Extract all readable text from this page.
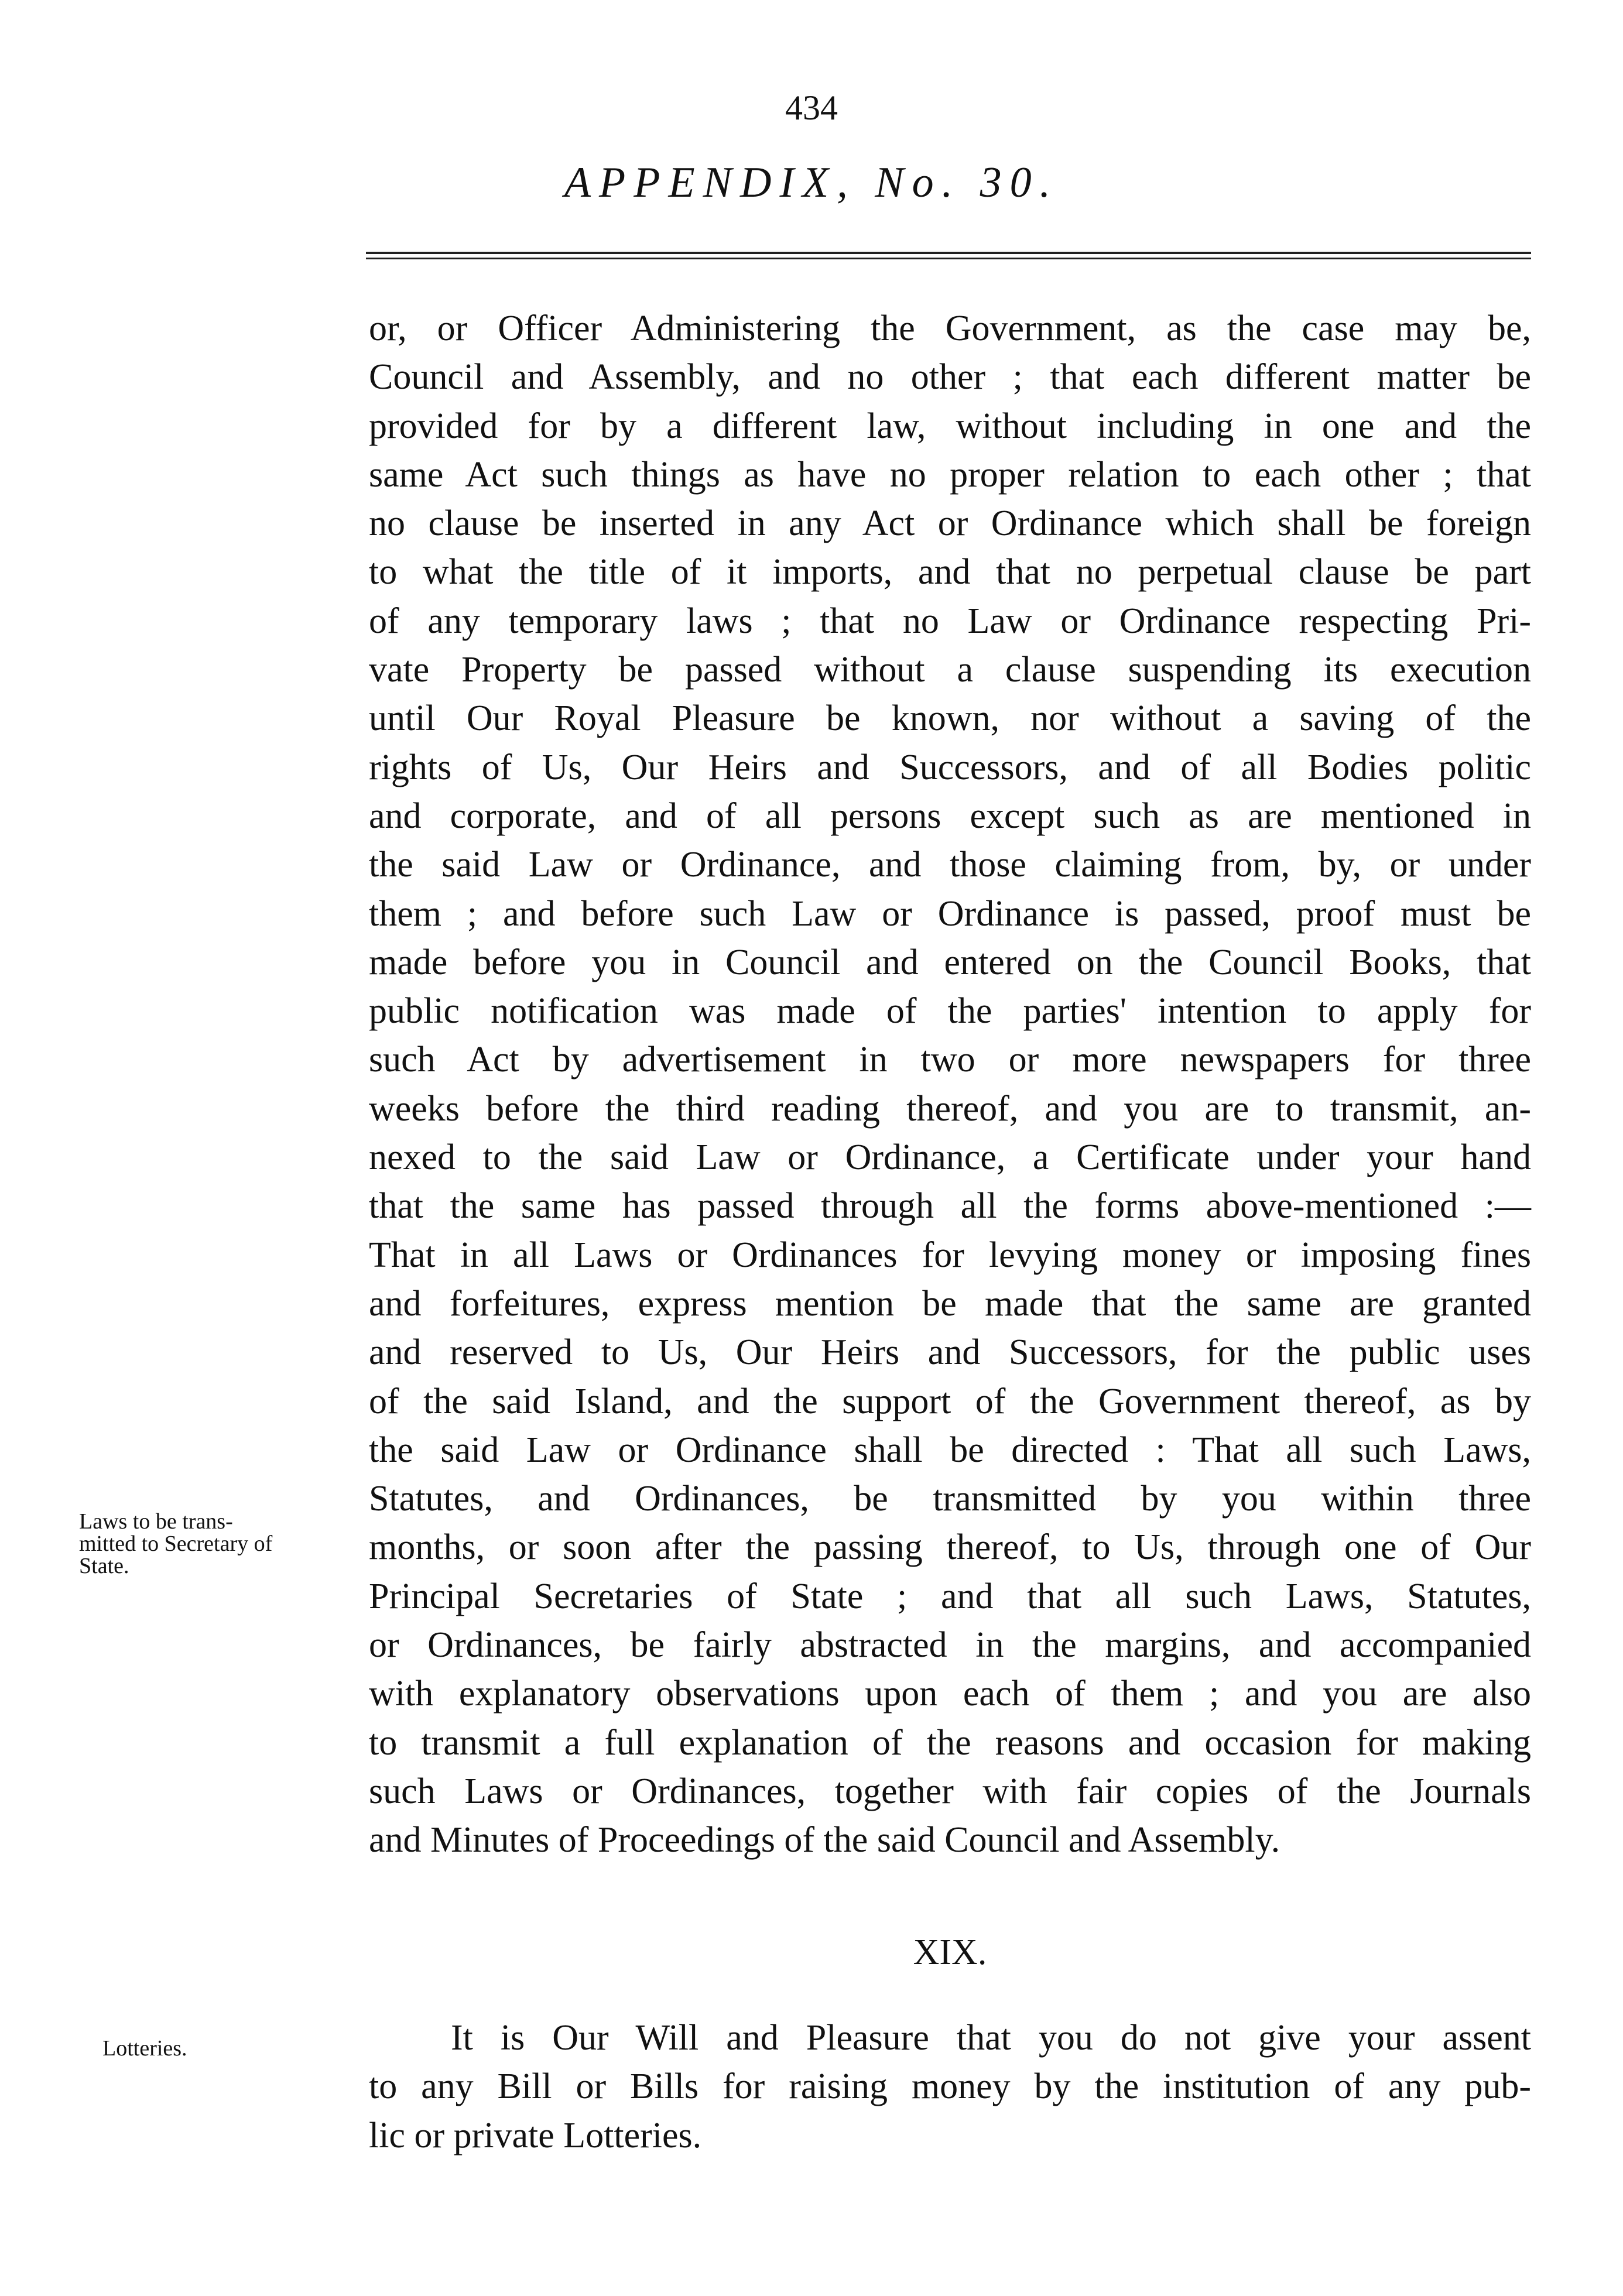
434
APPENDIX, No. 30.
or, or Officer Administering the Government, as the case may be,
Council and Assembly, and no other ; that each different matter be
provided for by a different law, without including in one and the
same Act such things as have no proper relation to each other ; that
no clause be inserted in any Act or Ordinance which shall be foreign
to what the title of it imports, and that no perpetual clause be part
of any temporary laws ; that no Law or Ordinance respecting Pri-
vate Property be passed without a clause suspending its execution
until Our Royal Pleasure be known, nor without a saving of the
rights of Us, Our Heirs and Successors, and of all Bodies politic
and corporate, and of all persons except such as are mentioned in
the said Law or Ordinance, and those claiming from, by, or under
them ; and before such Law or Ordinance is passed, proof must be
made before you in Council and entered on the Council Books, that
public notification was made of the parties' intention to apply for
such Act by advertisement in two or more newspapers for three
weeks before the third reading thereof, and you are to transmit, an-
nexed to the said Law or Ordinance, a Certificate under your hand
that the same has passed through all the forms above-mentioned :—
That in all Laws or Ordinances for levying money or imposing fines
and forfeitures, express mention be made that the same are granted
and reserved to Us, Our Heirs and Successors, for the public uses
of the said Island, and the support of the Government thereof, as by
the said Law or Ordinance shall be directed : That all such Laws,
Statutes, and Ordinances, be transmitted by you within three
months, or soon after the passing thereof, to Us, through one of Our
Principal Secretaries of State ; and that all such Laws, Statutes,
or Ordinances, be fairly abstracted in the margins, and accompanied
with explanatory observations upon each of them ; and you are also
to transmit a full explanation of the reasons and occasion for making
such Laws or Ordinances, together with fair copies of the Journals
and Minutes of Proceedings of the said Council and Assembly.
Laws to be trans-
mitted to Secretary of
State.
XIX.
Lotteries.	It is Our Will and Pleasure that you do not give your assent
to any Bill or Bills for raising money by the institution of any pub-
lic or private Lotteries.
